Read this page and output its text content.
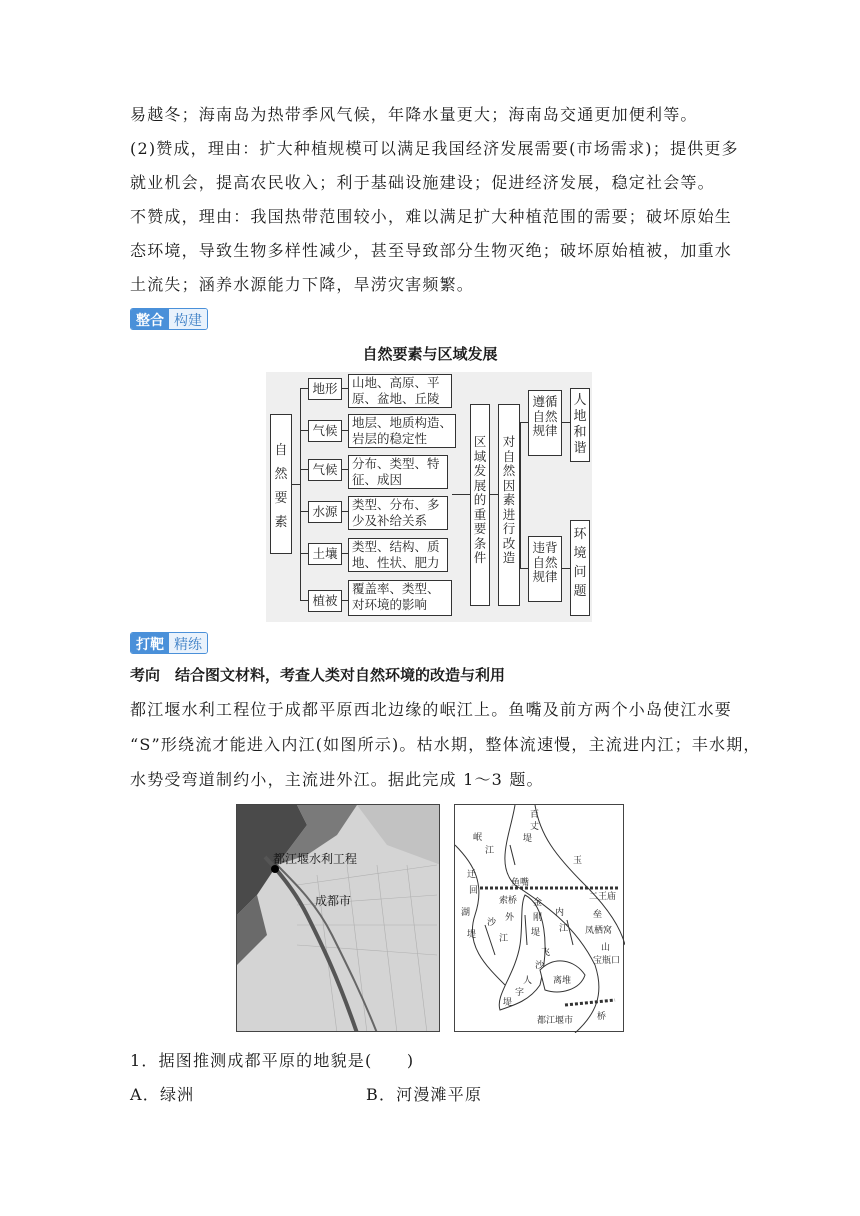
易越冬；海南岛为热带季风气候，年降水量更大；海南岛交通更加便利等。
(2)赞成，理由：扩大种植规模可以满足我国经济发展需要(市场需求)；提供更多
就业机会，提高农民收入；利于基础设施建设；促进经济发展，稳定社会等。
不赞成，理由：我国热带范围较小，难以满足扩大种植范围的需要；破坏原始生
态环境，导致生物多样性减少，甚至导致部分生物灭绝；破坏原始植被，加重水
土流失；涵养水源能力下降，旱涝灾害频繁。
整合 构建
自然要素与区域发展
自然要素
地形	山地、高原、平原、盆地、丘陵
气候
地层、地质构造、岩层的稳定性
气候	分布、类型、特征、成因
水源	类型、分布、多少及补给关系
土壤	类型、结构、质地、性状、肥力
植被
覆盖率、类型、对环境的影响
区域发展的重要条件
对自然因素进行改造
遵循自然规律
违背自然规律
人地和谐
环境问题
打靶 精练
考向　结合图文材料，考查人类对自然环境的改造与利用
都江堰水利工程位于成都平原西北边缘的岷江上。鱼嘴及前方两个小岛使江水要
“S”形绕流才能进入内江(如图所示)。枯水期，整体流速慢，主流进内江；丰水期，
水势受弯道制约小，主流进外江。据此完成 1～3 题。
都江堰水利工程
成都市
岷
江
百
丈
堤
玉
迁
回
湖
沙
堤
鱼嘴
索桥
外
江
金
刚
堤
内
江
二王庙
垒
凤栖窝
山
宝瓶口
飞
沙
人
字
堤
离堆
都江堰市	桥
1．据图推测成都平原的地貌是(　　)
A．绿洲	B．河漫滩平原
